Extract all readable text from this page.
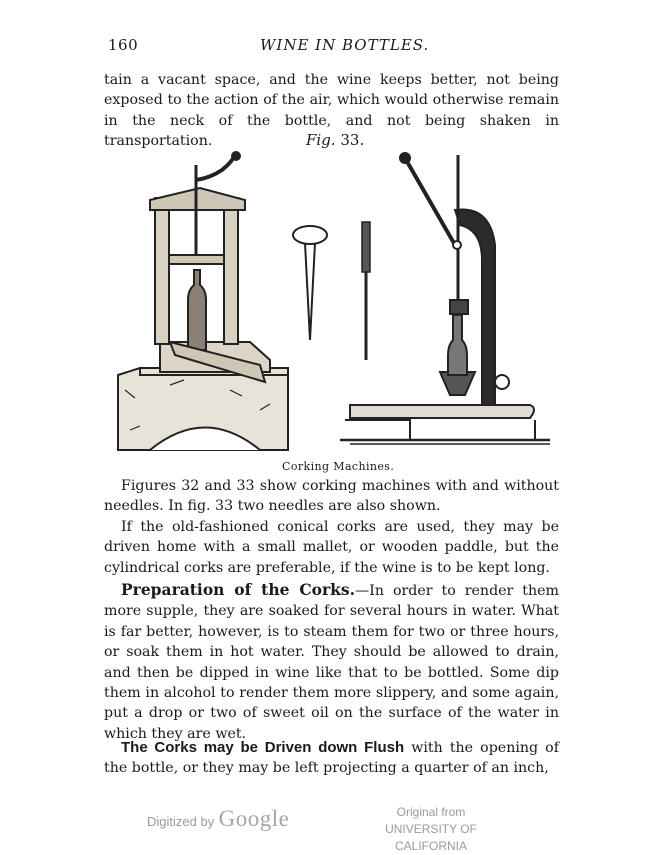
160	WINE IN BOTTLES.
tain a vacant space, and the wine keeps better, not being exposed to the action of the air, which would otherwise remain in the neck of the bottle, and not being shaken in transportation.	Fig. 33.
Corking Machines.
Figures 32 and 33 show corking machines with and without needles. In fig. 33 two needles are also shown.
If the old-fashioned conical corks are used, they may be driven home with a small mallet, or wooden paddle, but the cylindrical corks are preferable, if the wine is to be kept long.
Preparation of the Corks.—In order to render them more supple, they are soaked for several hours in water. What is far better, however, is to steam them for two or three hours, or soak them in hot water. They should be allowed to drain, and then be dipped in wine like that to be bottled. Some dip them in alcohol to render them more slippery, and some again, put a drop or two of sweet oil on the surface of the water in which they are wet.
The Corks may be Driven down Flush with the opening of the bottle, or they may be left projecting a quarter of an inch,
Digitized by Google	Original from
UNIVERSITY OF CALIFORNIA
